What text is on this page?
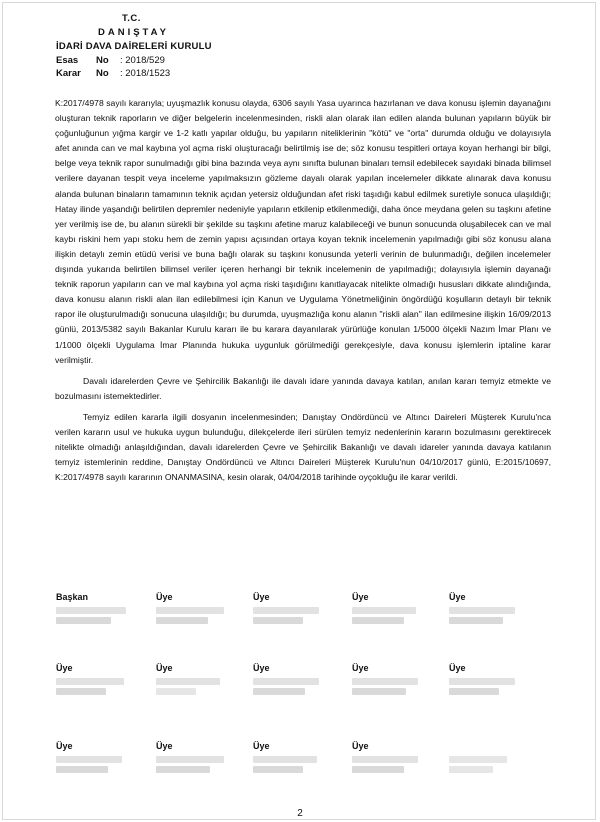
T.C.
DANIŞTAY
İDARİ DAVA DAİRELERİ KURULU
Esas No : 2018/529
Karar No : 2018/1523

K:2017/4978 sayılı kararıyla; uyuşmazlık konusu olayda, 6306 sayılı Yasa uyarınca hazırlanan ve dava konusu işlemin dayanağını oluşturan teknik raporların ve diğer belgelerin incelenmesinden, riskli alan olarak ilan edilen alanda bulunan yapıların büyük bir çoğunluğunun yığma kargir ve 1-2 katlı yapılar olduğu, bu yapıların niteliklerinin "kötü" ve "orta" durumda olduğu ve dolayısıyla afet anında can ve mal kaybına yol açma riski oluşturacağı belirtilmiş ise de; söz konusu tespitleri ortaya koyan herhangi bir bilgi, belge veya teknik rapor sunulmadığı gibi bina bazında veya aynı sınıfta bulunan binaları temsil edebilecek sayıdaki binada bilimsel verilere dayanan tespit veya inceleme yapılmaksızın gözleme dayalı olarak yapılan incelemeler dikkate alınarak dava konusu alanda bulunan binaların tamamının teknik açıdan yetersiz olduğundan afet riski taşıdığı kabul edilmek suretiyle sonuca ulaşıldığı; Hatay ilinde yaşandığı belirtilen depremler nedeniyle yapıların etkilenip etkilenmediği, daha önce meydana gelen su taşkını afetine yer verilmiş ise de, bu alanın sürekli bir şekilde su taşkını afetine maruz kalabileceği ve bunun sonucunda oluşabilecek can ve mal kaybı riskini hem yapı stoku hem de zemin yapısı açısından ortaya koyan teknik incelemenin yapılmadığı gibi söz konusu alana ilişkin detaylı zemin etüdü verisi ve buna bağlı olarak su taşkını konusunda yeterli verinin de bulunmadığı, değilen incelemeler dışında yukarıda belirtilen bilimsel veriler içeren herhangi bir teknik incelemenin de yapılmadığı; dolayısıyla işlemin dayanağı teknik raporun yapıların can ve mal kaybına yol açma riski taşıdığını kanıtlayacak nitelikte olmadığı hususları dikkate alındığında, dava konusu alanın riskli alan ilan edilebilmesi için Kanun ve Uygulama Yönetmeliğinin öngördüğü koşulların detaylı bir teknik rapor ile oluşturulmadığı sonucuna ulaşıldığı; bu durumda, uyuşmazlığa konu alanın "riskli alan" ilan edilmesine ilişkin 16/09/2013 günlü, 2013/5382 sayılı Bakanlar Kurulu kararı ile bu karara dayanılarak yürürlüğe konulan 1/5000 ölçekli Nazım İmar Planı ve 1/1000 ölçekli Uygulama İmar Planında hukuka uygunluk görülmediği gerekçesiyle, dava konusu işlemlerin iptaline karar verilmiştir.

Davalı idarelerden Çevre ve Şehircilik Bakanlığı ile davalı idare yanında davaya katılan, anılan kararı temyiz etmekte ve bozulmasını istemektedirler.

Temyiz edilen kararla ilgili dosyanın incelenmesinden; Danıştay Ondördüncü ve Altıncı Daireleri Müşterek Kurulu'nca verilen kararın usul ve hukuka uygun bulunduğu, dilekçelerde ileri sürülen temyiz nedenlerinin kararın bozulmasını gerektirecek nitelikte olmadığı anlaşıldığından, davalı idarelerden Çevre ve Şehircilik Bakanlığı ve davalı idareler yanında davaya katılanın temyiz istemlerinin reddine, Danıştay Ondördüncü ve Altıncı Daireleri Müşterek Kurulu'nun 04/10/2017 günlü, E:2015/10697, K:2017/4978 sayılı kararının ONANMASINA, kesin olarak, 04/04/2018 tarihinde oyçokluğu ile karar verildi.

Başkan	Üye	Üye	Üye	Üye
Üye	Üye	Üye	Üye	Üye
Üye	Üye	Üye	Üye
2
